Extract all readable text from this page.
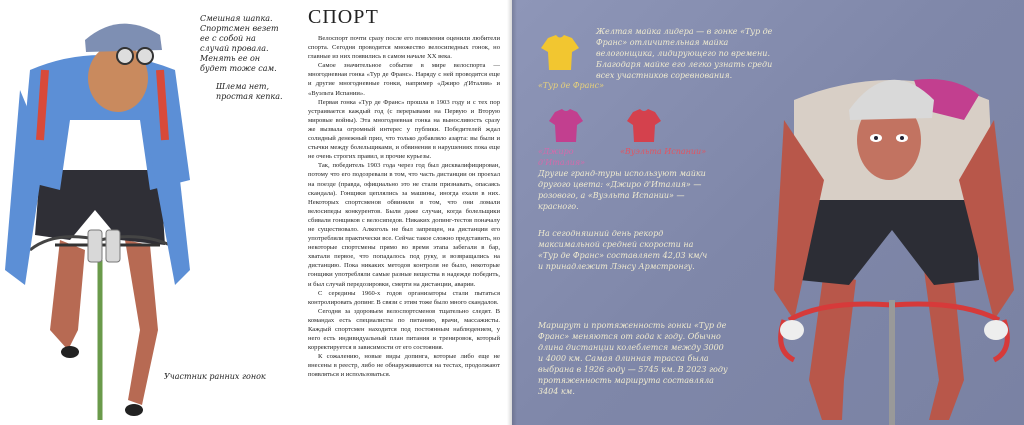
Смешная шапка. Спортсмен везет ее с собой на случай провала. Менять ее он будет тоже сам.
Шлема нет, простая кепка.
Участник ранних гонок
СПОРТ

Велоспорт почти сразу после его появления оценили любители спорта. Сегодня проводится множество велосипедных гонок, но главные из них появились в самом начале XX века.

Самое значительное событие в мире велоспорта — многодневная гонка «Тур де Франс». Наряду с ней проводятся еще и другие многодневные гонки, например «Джиро д'Италия» и «Вуэльта Испании».

Первая гонка «Тур де Франс» прошла в 1903 году и с тех пор устраивается каждый год (с перерывами на Первую и Вторую мировые войны). Эта многодневная гонка на выносливость сразу же вызвала огромный интерес у публики. Победителей ждал солидный денежный приз, что только добавляло азарта: вы были и стычки между болельщиками, и обвинения в нарушениях пока еще не очень строгих правил, и прочие курьезы.

Так, победитель 1903 года через год был дисквалифицирован, потому что его подозревали в том, что часть дистанции он проехал на поезде (правда, официально это не стали признавать, опасаясь скандала). Гонщики цеплялись за машины, иногда ехали в них. Некоторых спортсменов обвиняли в том, что они ломали велосипеды конкурентов. Были даже случаи, когда болельщики сбивали гонщиков с велосипедов. Никаких допинг-тестов поначалу не существовало. Алкоголь не был запрещен, на дистанции его употребляли практически все. Сейчас такое сложно представить, но некоторые спортсмены прямо во время этапа забегали в бар, хватали первое, что попадалось под руку, и возвращались на дистанцию. Пока никаких методов контроля не было, некоторые гонщики употребляли самые разные вещества в надежде победить, и был случай передозировки, смерти на дистанции, аварии.

С середины 1960-х годов организаторы стали пытаться контролировать допинг. В связи с этим тоже было много скандалов.

Сегодня за здоровьем велоспортсменов тщательно следят. В командах есть специалисты по питанию, врачи, массажисты. Каждый спортсмен находится под постоянным наблюдением, у него есть индивидуальный план питания и тренировок, который корректируется в зависимости от его состояния.

К сожалению, новые виды допинга, которые либо еще не внесены в реестр, либо не обнаруживаются на тестах, продолжают появляться и использоваться.

«Тур де Франс»
«Джиро д'Италия»
«Вуэльта Испании»
Желтая майка лидера — в гонке «Тур де Франс» отличительная майка велогонщика, лидирующего по времени. Благодаря майке его легко узнать среди всех участников соревнования.
Другие гранд-туры используют майки другого цвета: «Джиро д'Италия» — розового, а «Вуэльта Испании» — красного.
На сегодняшний день рекорд максимальной средней скорости на «Тур де Франс» составляет 42,03 км/ч и принадлежит Лэнсу Армстронгу.
Маршрут и протяженность гонки «Тур де Франс» меняются от года к году. Обычно длина дистанции колеблется между 3000 и 4000 км. Самая длинная трасса была выбрана в 1926 году — 5745 км. В 2023 году протяженность маршрута составляла 3404 км.
